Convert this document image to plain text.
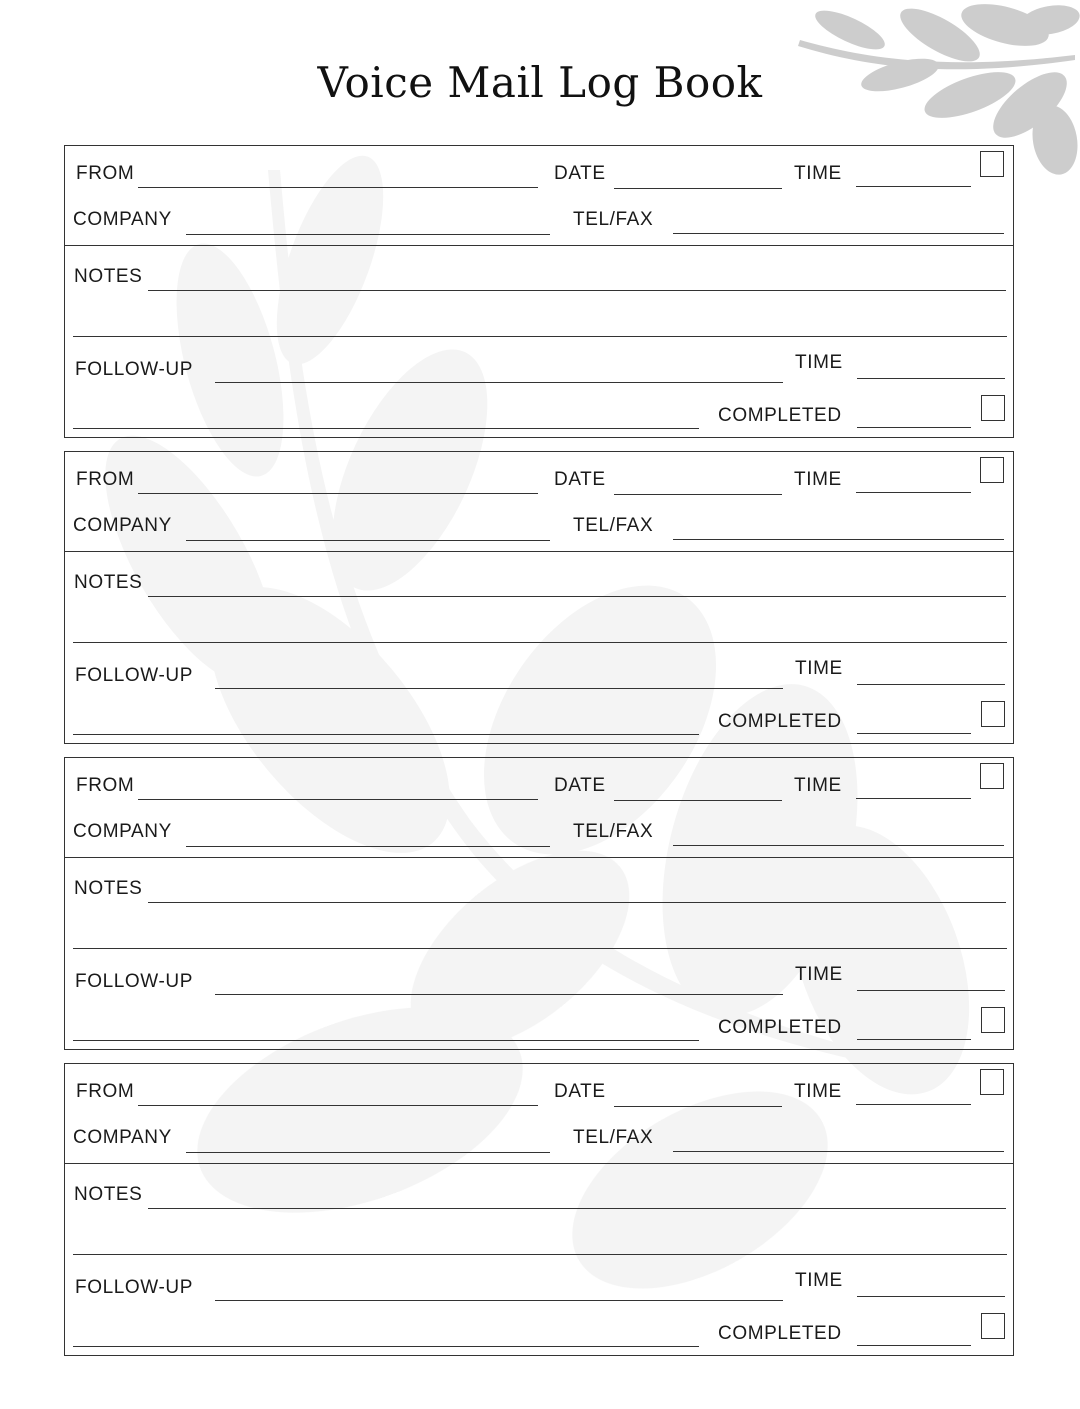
Voice Mail Log Book
FROM	DATE	TIME
COMPANY	TEL/FAX
NOTES
FOLLOW-UP	TIME
COMPLETED
FROM	DATE	TIME
COMPANY	TEL/FAX
NOTES
FOLLOW-UP	TIME
COMPLETED
FROM	DATE	TIME
COMPANY	TEL/FAX
NOTES
FOLLOW-UP	TIME
COMPLETED
FROM	DATE	TIME
COMPANY	TEL/FAX
NOTES
FOLLOW-UP	TIME
COMPLETED
